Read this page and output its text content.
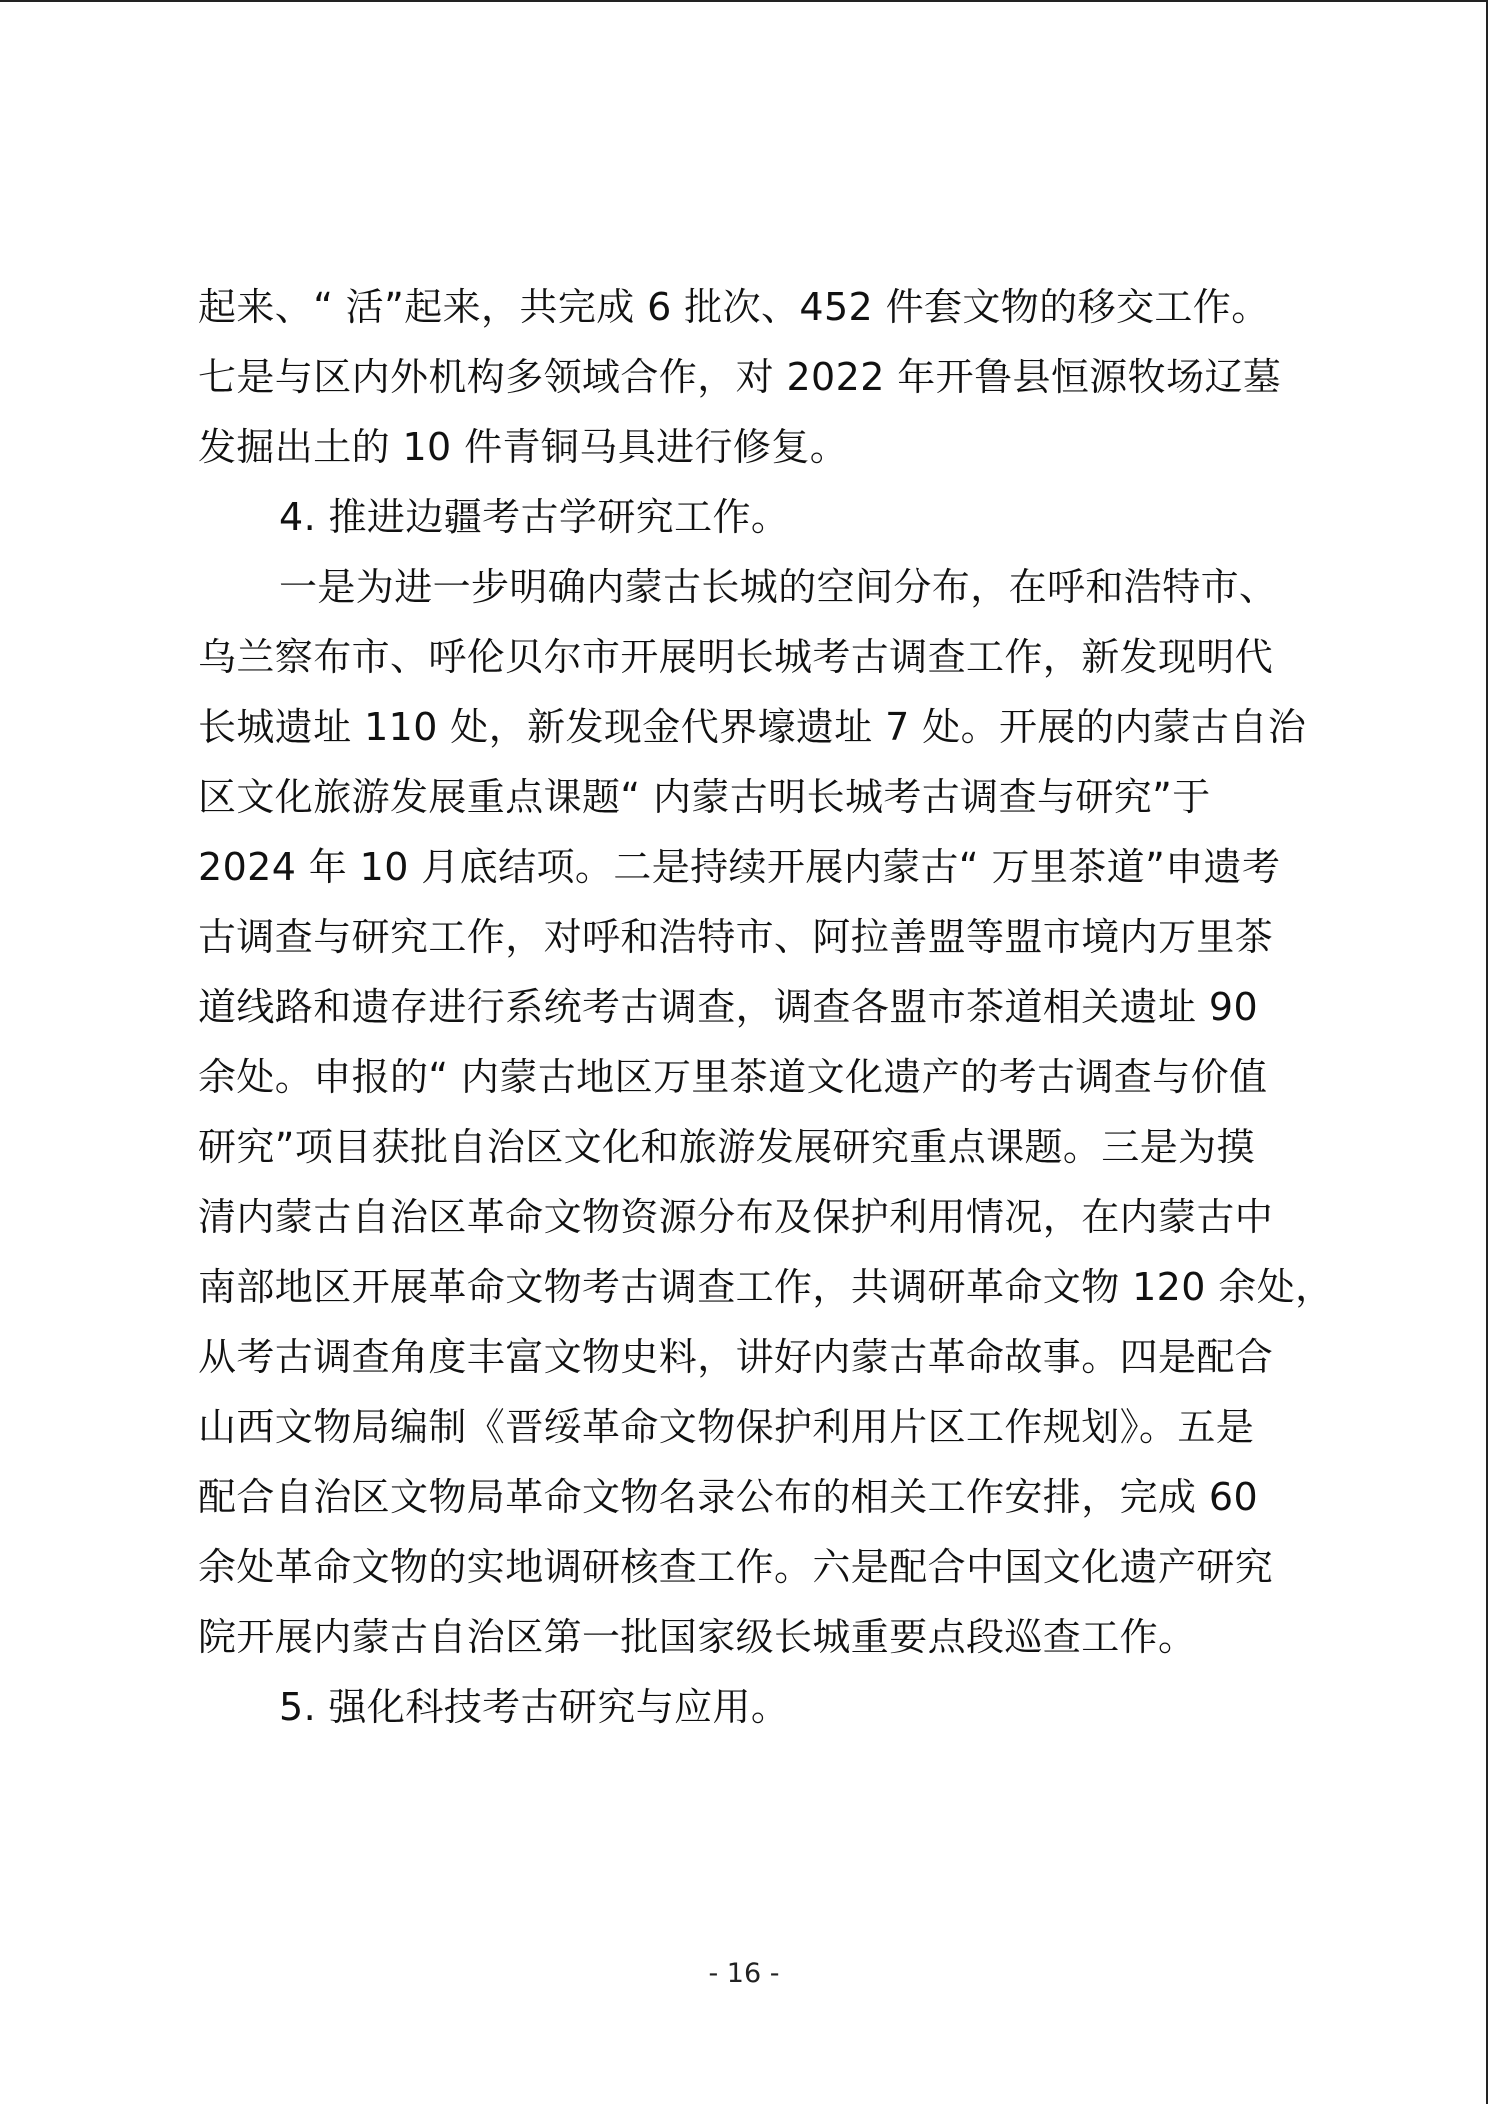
起来、“ 活”起来，共完成 6 批次、452 件套文物的移交工作。
七是与区内外机构多领域合作，对 2022 年开鲁县恒源牧场辽墓
发掘出土的 10 件青铜马具进行修复。
4. 推进边疆考古学研究工作。
一是为进一步明确内蒙古长城的空间分布，在呼和浩特市、
乌兰察布市、呼伦贝尔市开展明长城考古调查工作，新发现明代
长城遗址 110 处，新发现金代界壕遗址 7 处。开展的内蒙古自治
区文化旅游发展重点课题“ 内蒙古明长城考古调查与研究”于
2024 年 10 月底结项。二是持续开展内蒙古“ 万里茶道”申遗考
古调查与研究工作，对呼和浩特市、阿拉善盟等盟市境内万里茶
道线路和遗存进行系统考古调查，调查各盟市茶道相关遗址 90
余处。申报的“ 内蒙古地区万里茶道文化遗产的考古调查与价值
研究”项目获批自治区文化和旅游发展研究重点课题。三是为摸
清内蒙古自治区革命文物资源分布及保护利用情况，在内蒙古中
南部地区开展革命文物考古调查工作，共调研革命文物 120 余处，
从考古调查角度丰富文物史料，讲好内蒙古革命故事。四是配合
山西文物局编制《晋绥革命文物保护利用片区工作规划》。五是
配合自治区文物局革命文物名录公布的相关工作安排，完成 60
余处革命文物的实地调研核查工作。六是配合中国文化遗产研究
院开展内蒙古自治区第一批国家级长城重要点段巡查工作。
5. 强化科技考古研究与应用。
- 16 -
